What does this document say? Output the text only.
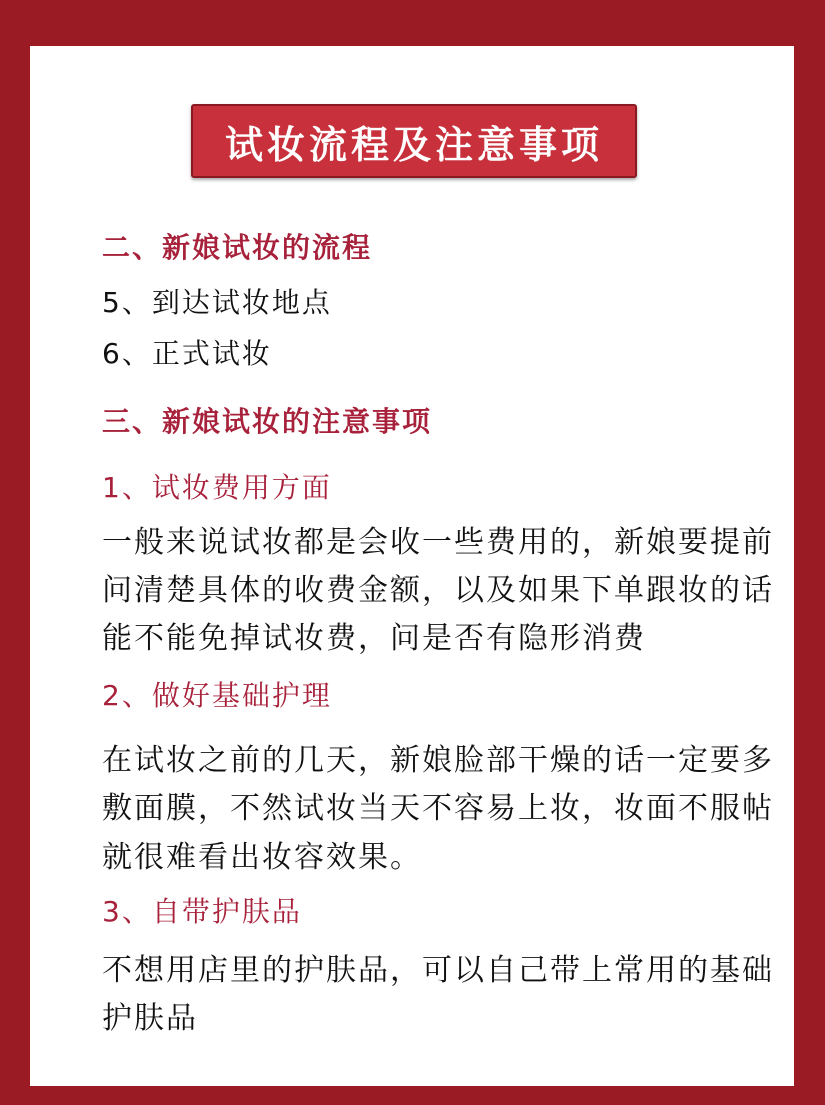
试妆流程及注意事项
二、新娘试妆的流程
5、到达试妆地点
6、正式试妆
三、新娘试妆的注意事项
1、试妆费用方面
一般来说试妆都是会收一些费用的，新娘要提前
问清楚具体的收费金额，以及如果下单跟妆的话
能不能免掉试妆费，问是否有隐形消费
2、做好基础护理
在试妆之前的几天，新娘脸部干燥的话一定要多
敷面膜，不然试妆当天不容易上妆，妆面不服帖
就很难看出妆容效果。
3、自带护肤品
不想用店里的护肤品，可以自己带上常用的基础
护肤品
